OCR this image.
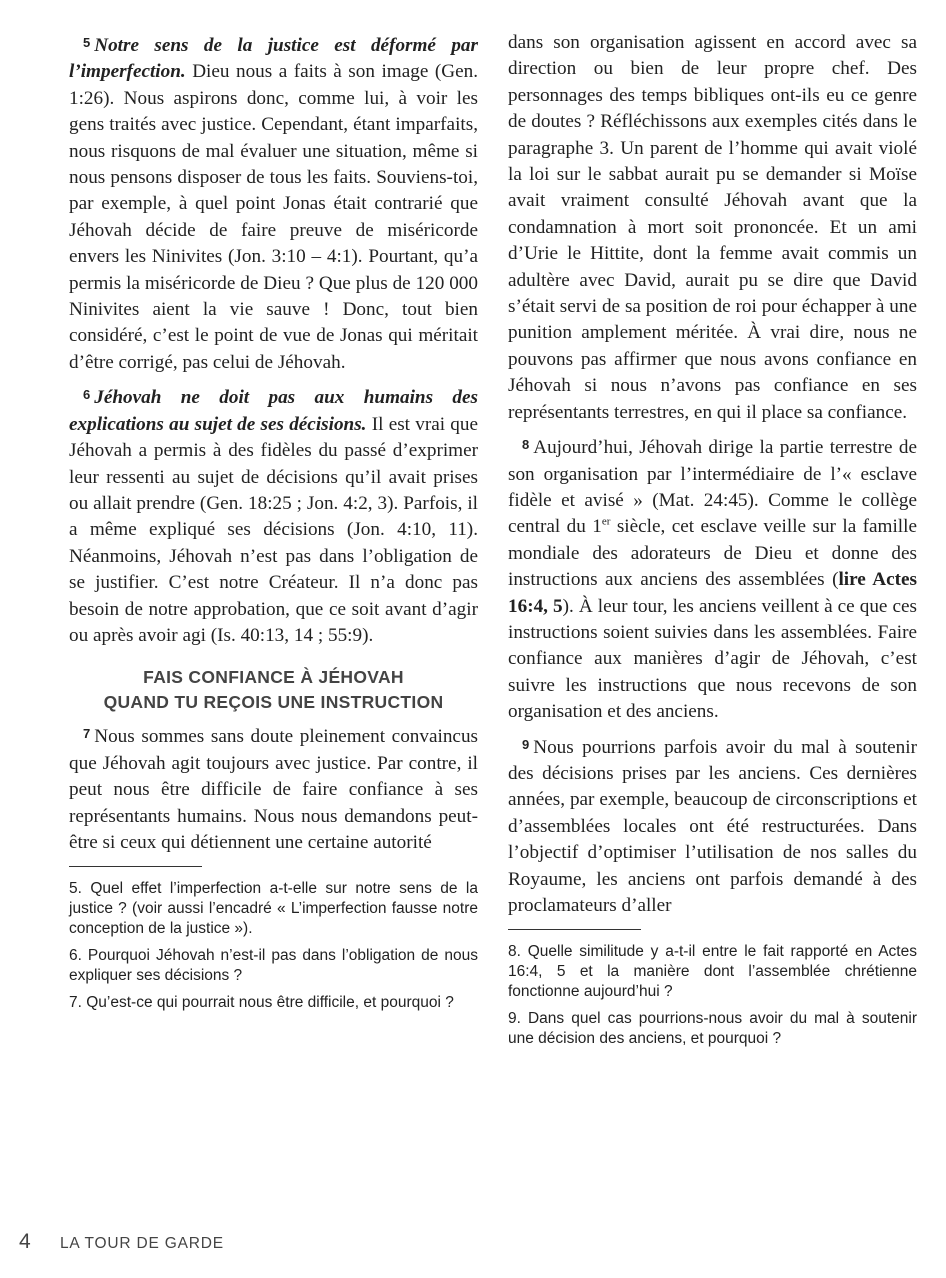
$^5$ Notre sens de la justice est déformé par l’imperfection. Dieu nous a faits à son image (Gen. 1:26). Nous aspirons donc, comme lui, à voir les gens traités avec justice. Cependant, étant imparfaits, nous risquons de mal évaluer une situation, même si nous pensons disposer de tous les faits. Souviens-toi, par exemple, à quel point Jonas était contrarié que Jéhovah décide de faire preuve de miséricorde envers les Ninivites (Jon. 3:10 – 4:1). Pourtant, qu’a permis la miséricorde de Dieu ? Que plus de 120 000 Ninivites aient la vie sauve ! Donc, tout bien considéré, c’est le point de vue de Jonas qui méritait d’être corrigé, pas celui de Jéhovah.

$^6$ Jéhovah ne doit pas aux humains des explications au sujet de ses décisions. Il est vrai que Jéhovah a permis à des fidèles du passé d’exprimer leur ressenti au sujet de décisions qu’il avait prises ou allait prendre (Gen. 18:25 ; Jon. 4:2, 3). Parfois, il a même expliqué ses décisions (Jon. 4:10, 11). Néanmoins, Jéhovah n’est pas dans l’obligation de se justifier. C’est notre Créateur. Il n’a donc pas besoin de notre approbation, que ce soit avant d’agir ou après avoir agi (Is. 40:13, 14 ; 55:9).

FAIS CONFIANCE À JÉHOVAH

QUAND TU REÇOIS UNE INSTRUCTION

$^7$ Nous sommes sans doute pleinement convaincus que Jéhovah agit toujours avec justice. Par contre, il peut nous être difficile de faire confiance à ses représentants humains. Nous nous demandons peut-être si ceux qui détiennent une certaine autorité

5. Quel effet l’imperfection a-t-elle sur notre sens de la justice ? (voir aussi l’encadré « L’imperfection fausse notre conception de la justice »).

6. Pourquoi Jéhovah n’est-il pas dans l’obligation de nous expliquer ses décisions ?

7. Qu’est-ce qui pourrait nous être difficile, et pourquoi ?

dans son organisation agissent en accord avec sa direction ou bien de leur propre chef. Des personnages des temps bibliques ont-ils eu ce genre de doutes ? Réfléchissons aux exemples cités dans le paragraphe 3. Un parent de l’homme qui avait violé la loi sur le sabbat aurait pu se demander si Moïse avait vraiment consulté Jéhovah avant que la condamnation à mort soit prononcée. Et un ami d’Urie le Hittite, dont la femme avait commis un adultère avec David, aurait pu se dire que David s’était servi de sa position de roi pour échapper à une punition amplement méritée. À vrai dire, nous ne pouvons pas affirmer que nous avons confiance en Jéhovah si nous n’avons pas confiance en ses représentants terrestres, en qui il place sa confiance.

$^8$ Aujourd’hui, Jéhovah dirige la partie terrestre de son organisation par l’intermédiaire de l’« esclave fidèle et avisé » (Mat. 24:45). Comme le collège central du 1er siècle, cet esclave veille sur la famille mondiale des adorateurs de Dieu et donne des instructions aux anciens des assemblées (lire Actes 16:4, 5). À leur tour, les anciens veillent à ce que ces instructions soient suivies dans les assemblées. Faire confiance aux manières d’agir de Jéhovah, c’est suivre les instructions que nous recevons de son organisation et des anciens.

$^9$ Nous pourrions parfois avoir du mal à soutenir des décisions prises par les anciens. Ces dernières années, par exemple, beaucoup de circonscriptions et d’assemblées locales ont été restructurées. Dans l’objectif d’optimiser l’utilisation de nos salles du Royaume, les anciens ont parfois demandé à des proclamateurs d’aller

8. Quelle similitude y a-t-il entre le fait rapporté en Actes 16:4, 5 et la manière dont l’assemblée chrétienne fonctionne aujourd’hui ?

9. Dans quel cas pourrions-nous avoir du mal à soutenir une décision des anciens, et pourquoi ?

4	LA TOUR DE GARDE
